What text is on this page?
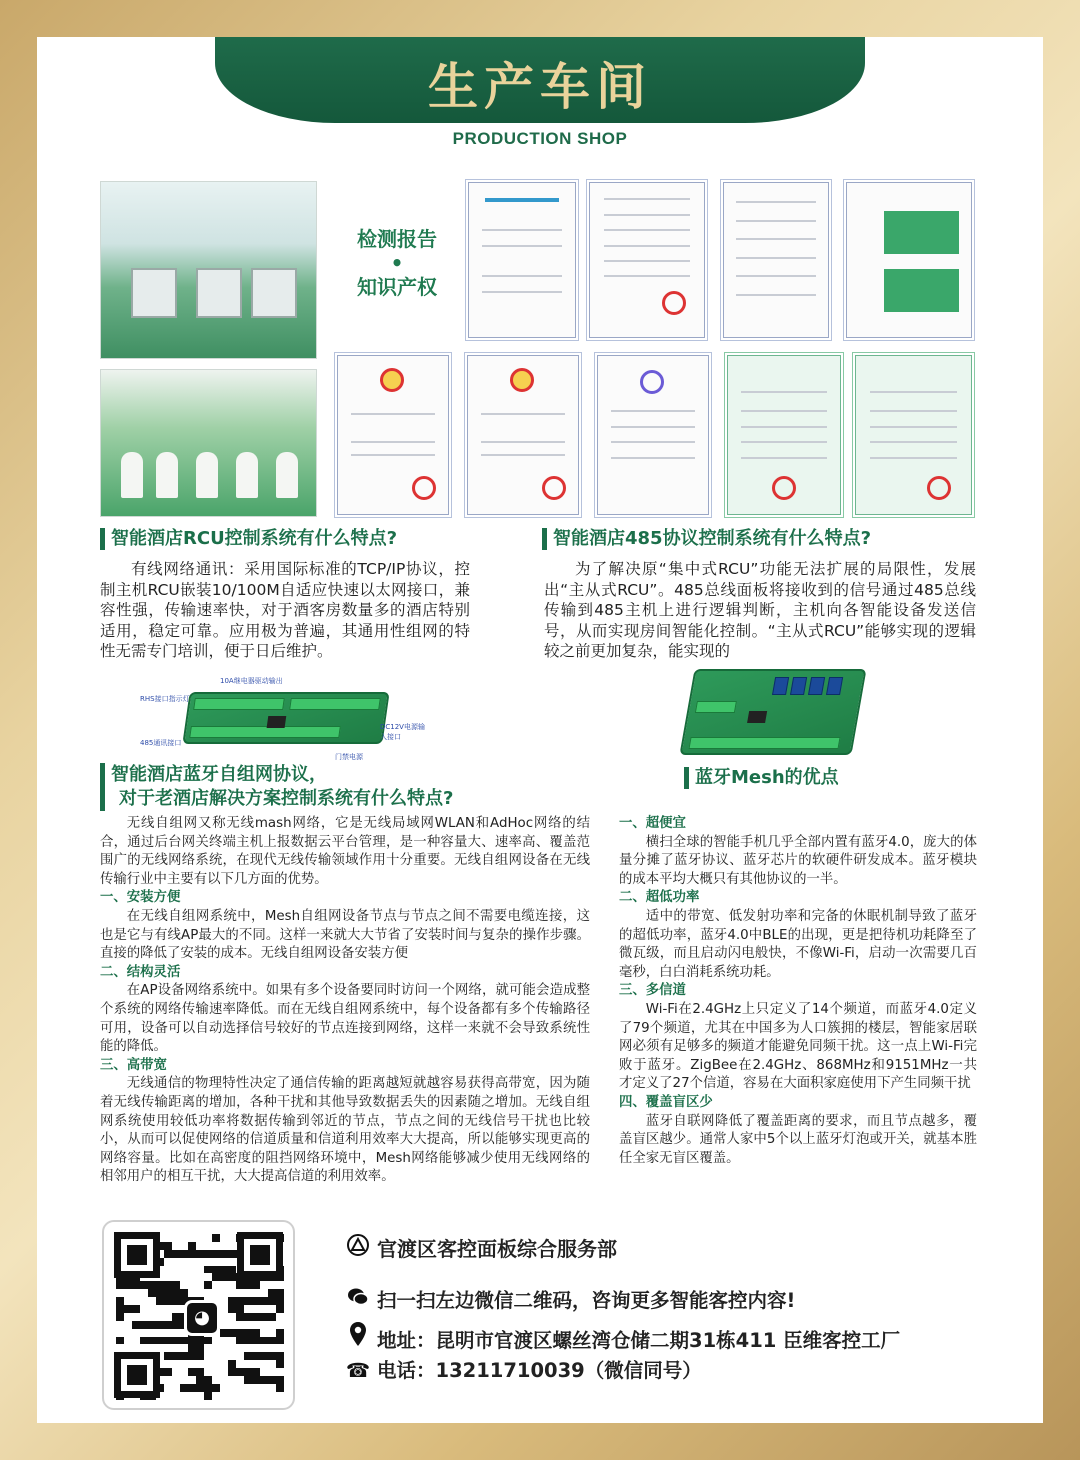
生产车间
PRODUCTION SHOP
检测报告
•
知识产权
智能酒店RCU控制系统有什么特点?
有线网络通讯：采用国际标准的TCP/IP协议，控制主机RCU嵌装10/100M自适应快速以太网接口，兼容性强，传输速率快，对于酒客房数量多的酒店特别适用，稳定可靠。应用极为普遍，其通用性组网的特性无需专门培训，便于日后维护。
智能酒店485协议控制系统有什么特点?
为了解决原“集中式RCU”功能无法扩展的局限性，发展出“主从式RCU”。485总线面板将接收到的信号通过485总线传输到485主机上进行逻辑判断，主机向各智能设备发送信号，从而实现房间智能化控制。“主从式RCU”能够实现的逻辑较之前更加复杂，能实现的
10A继电器驱动输出
RHS接口指示灯
485通讯接口
DC12V电源输入接口
门禁电源
智能酒店蓝牙自组网协议，
对于老酒店解决方案控制系统有什么特点?
无线自组网又称无线mash网络，它是无线局域网WLAN和AdHoc网络的结合，通过后台网关终端主机上报数据云平台管理，是一种容量大、速率高、覆盖范围广的无线网络系统，在现代无线传输领域作用十分重要。无线自组网设备在无线传输行业中主要有以下几方面的优势。
一、安装方便
在无线自组网系统中，Mesh自组网设备节点与节点之间不需要电缆连接，这也是它与有线AP最大的不同。这样一来就大大节省了安装时间与复杂的操作步骤。直接的降低了安装的成本。无线自组网设备安装方便
二、结构灵活
在AP设备网络系统中。如果有多个设备要同时访问一个网络，就可能会造成整个系统的网络传输速率降低。而在无线自组网系统中，每个设备都有多个传输路径可用，设备可以自动选择信号较好的节点连接到网络，这样一来就不会导致系统性能的降低。
三、高带宽
无线通信的物理特性决定了通信传输的距离越短就越容易获得高带宽，因为随着无线传输距离的增加，各种干扰和其他导致数据丢失的因素随之增加。无线自组网系统使用较低功率将数据传输到邻近的节点，节点之间的无线信号干扰也比较小，从而可以促使网络的信道质量和信道利用效率大大提高，所以能够实现更高的网络容量。比如在高密度的阻挡网络环境中，Mesh网络能够减少使用无线网络的相邻用户的相互干扰，大大提高信道的利用效率。
蓝牙Mesh的优点
一、超便宜
横扫全球的智能手机几乎全部内置有蓝牙4.0，庞大的体量分摊了蓝牙协议、蓝牙芯片的软硬件研发成本。蓝牙模块的成本平均大概只有其他协议的一半。
二、超低功率
适中的带宽、低发射功率和完备的休眠机制导致了蓝牙的超低功率，蓝牙4.0中BLE的出现，更是把待机功耗降至了微瓦级，而且启动闪电般快，不像Wi-Fi，启动一次需要几百毫秒，白白消耗系统功耗。
三、多信道
Wi-Fi在2.4GHz上只定义了14个频道，而蓝牙4.0定义了79个频道，尤其在中国多为人口簇拥的楼层，智能家居联网必须有足够多的频道才能避免同频干扰。这一点上Wi-Fi完败于蓝牙。ZigBee在2.4GHz、868MHz和9151MHz一共才定义了27个信道，容易在大面积家庭使用下产生同频干扰
四、覆盖盲区少
蓝牙自联网降低了覆盖距离的要求，而且节点越多，覆盖盲区越少。通常人家中5个以上蓝牙灯泡或开关，就基本胜任全家无盲区覆盖。
◕
官渡区客控面板综合服务部
扫一扫左边微信二维码，咨询更多智能客控内容!
地址：昆明市官渡区螺丝湾仓储二期31栋411 臣维客控工厂
☎ 电话：13211710039（微信同号）
